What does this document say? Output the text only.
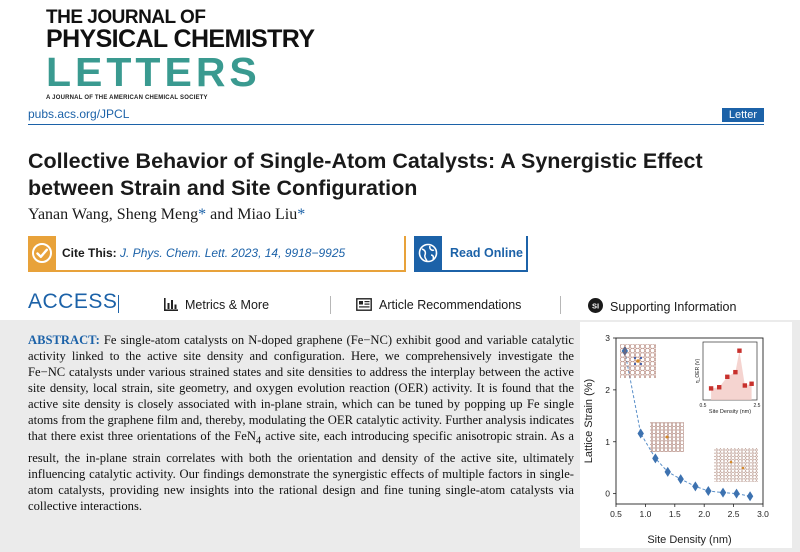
THE JOURNAL OF
PHYSICAL CHEMISTRY
LETTERS
A JOURNAL OF THE AMERICAN CHEMICAL SOCIETY
pubs.acs.org/JPCL	Letter
Collective Behavior of Single-Atom Catalysts: A Synergistic Effect between Strain and Site Configuration
Yanan Wang, Sheng Meng* and Miao Liu*
Cite This: J. Phys. Chem. Lett. 2023, 14, 9918−9925	Read Online
ACCESS	Metrics & More	Article Recommendations	SI Supporting Information

ABSTRACT: Fe single-atom catalysts on N-doped graphene (Fe−NC) exhibit good and variable catalytic activity linked to the active site density and configuration. Here, we comprehensively investigate the Fe−NC catalysts under various strained states and site densities to address the interplay between the active site density, local strain, site geometry, and oxygen evolution reaction (OER) activity. It is found that the active site density is closely associated with in-plane strain, which can be tuned by popping up Fe single atoms from the graphene film and, thereby, modulating the OER catalytic activity. Further analysis indicates that there exist three orientations of the FeN$_4$ active site, each introducing specific anisotropic strain. As a result, the in-plane strain correlates with both the orientation and density of the active site, ultimately influencing catalytic activity. Our findings demonstrate the synergistic effects of multiple factors in single-atom catalysts, providing new insights into the rational design and fine tuning single-atom catalysts via collective interactions.

0.5 1.0 1.5 2.0 2.5 3.0
0
1
2
3
Site Density (nm)
Lattice Strain (%)
η_OER (V)
0.5	2.5
Site Density (nm)
